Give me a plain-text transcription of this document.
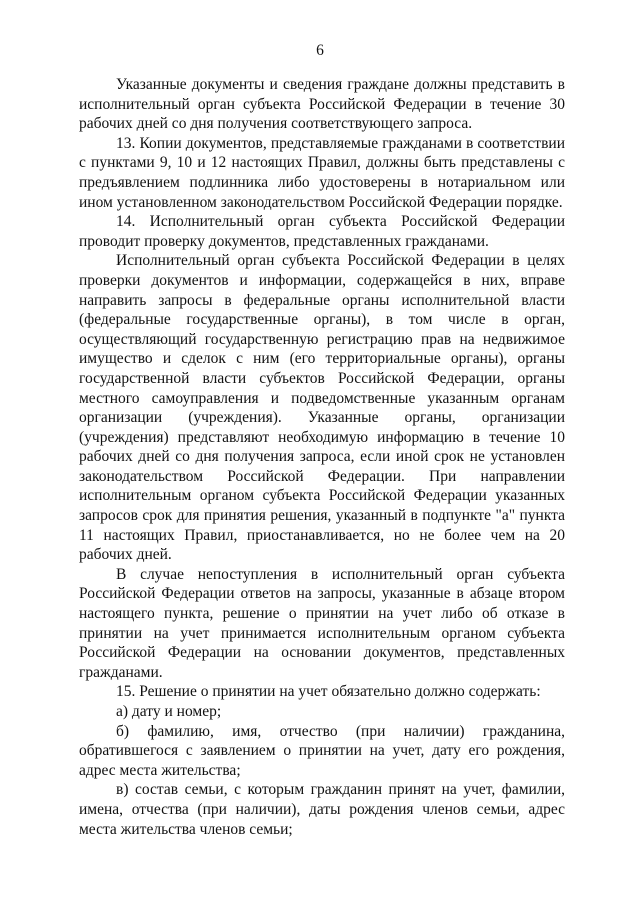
6

Указанные документы и сведения граждане должны представить в исполнительный орган субъекта Российской Федерации в течение 30 рабочих дней со дня получения соответствующего запроса.

13. Копии документов, представляемые гражданами в соответствии с пунктами 9, 10 и 12 настоящих Правил, должны быть представлены с предъявлением подлинника либо удостоверены в нотариальном или ином установленном законодательством Российской Федерации порядке.

14. Исполнительный орган субъекта Российской Федерации проводит проверку документов, представленных гражданами.

Исполнительный орган субъекта Российской Федерации в целях проверки документов и информации, содержащейся в них, вправе направить запросы в федеральные органы исполнительной власти (федеральные государственные органы), в том числе в орган, осуществляющий государственную регистрацию прав на недвижимое имущество и сделок с ним (его территориальные органы), органы государственной власти субъектов Российской Федерации, органы местного самоуправления и подведомственные указанным органам организации (учреждения). Указанные органы, организации (учреждения) представляют необходимую информацию в течение 10 рабочих дней со дня получения запроса, если иной срок не установлен законодательством Российской Федерации. При направлении исполнительным органом субъекта Российской Федерации указанных запросов срок для принятия решения, указанный в подпункте "а" пункта 11 настоящих Правил, приостанавливается, но не более чем на 20 рабочих дней.

В случае непоступления в исполнительный орган субъекта Российской Федерации ответов на запросы, указанные в абзаце втором настоящего пункта, решение о принятии на учет либо об отказе в принятии на учет принимается исполнительным органом субъекта Российской Федерации на основании документов, представленных гражданами.

15. Решение о принятии на учет обязательно должно содержать:

а) дату и номер;

б) фамилию, имя, отчество (при наличии) гражданина, обратившегося с заявлением о принятии на учет, дату его рождения, адрес места жительства;

в) состав семьи, с которым гражданин принят на учет, фамилии, имена, отчества (при наличии), даты рождения членов семьи, адрес места жительства членов семьи;
